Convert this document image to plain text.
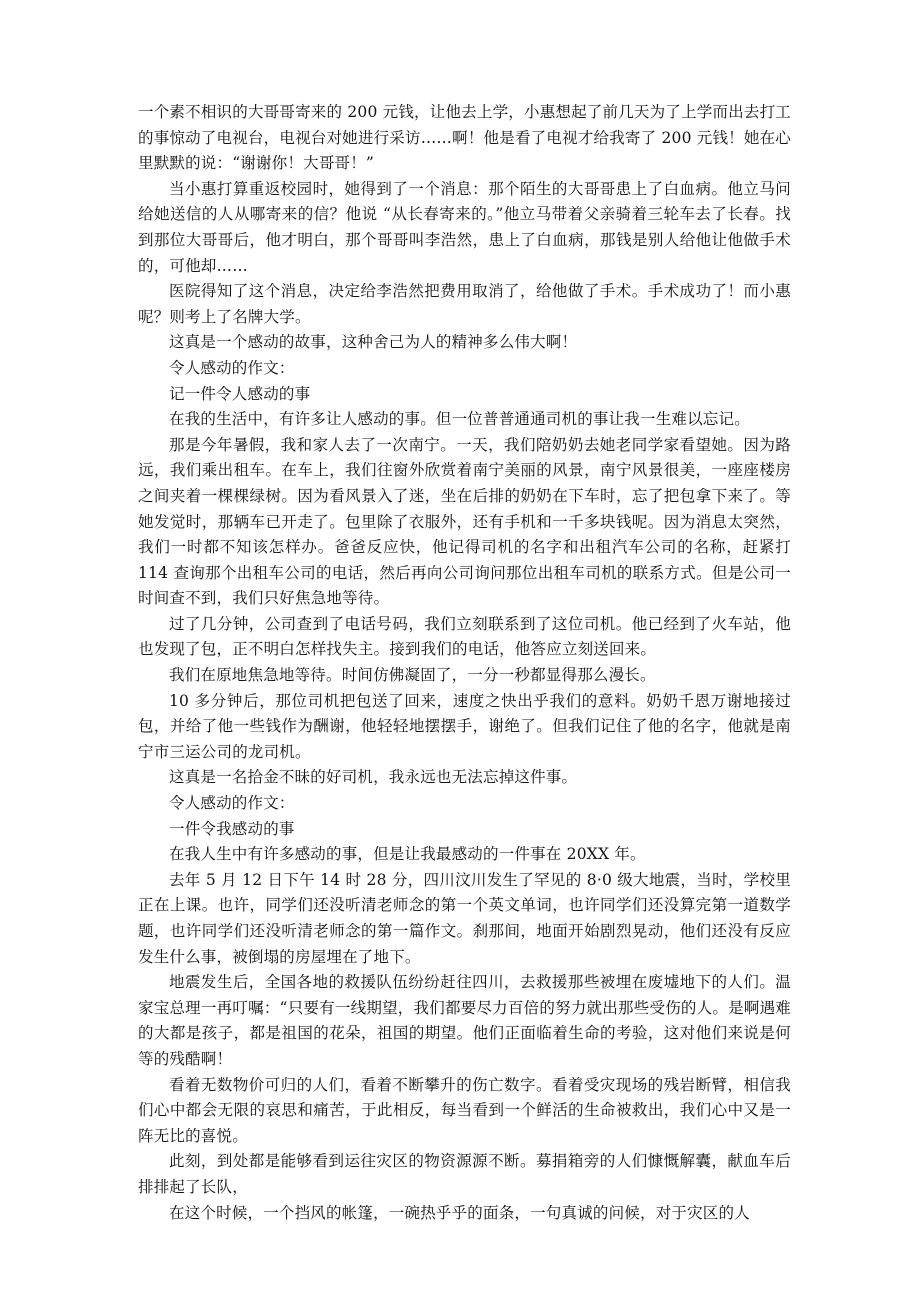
一个素不相识的大哥哥寄来的 200 元钱，让他去上学，小惠想起了前几天为了上学而出去打工的事惊动了电视台，电视台对她进行采访……啊！他是看了电视才给我寄了 200 元钱！她在心里默默的说：“谢谢你！大哥哥！”

当小惠打算重返校园时，她得到了一个消息：那个陌生的大哥哥患上了白血病。他立马问给她送信的人从哪寄来的信？他说 “从长春寄来的。”他立马带着父亲骑着三轮车去了长春。找到那位大哥哥后，他才明白，那个哥哥叫李浩然，患上了白血病，那钱是别人给他让他做手术的，可他却……

医院得知了这个消息，决定给李浩然把费用取消了，给他做了手术。手术成功了！而小惠呢？则考上了名牌大学。

这真是一个感动的故事，这种舍己为人的精神多么伟大啊！

令人感动的作文：

记一件令人感动的事

在我的生活中，有许多让人感动的事。但一位普普通通司机的事让我一生难以忘记。

那是今年暑假，我和家人去了一次南宁。一天，我们陪奶奶去她老同学家看望她。因为路远，我们乘出租车。在车上，我们往窗外欣赏着南宁美丽的风景，南宁风景很美，一座座楼房之间夹着一棵棵绿树。因为看风景入了迷，坐在后排的奶奶在下车时，忘了把包拿下来了。等她发觉时，那辆车已开走了。包里除了衣服外，还有手机和一千多块钱呢。因为消息太突然，我们一时都不知该怎样办。爸爸反应快，他记得司机的名字和出租汽车公司的名称，赶紧打 114 查询那个出租车公司的电话，然后再向公司询问那位出租车司机的联系方式。但是公司一时间查不到，我们只好焦急地等待。

过了几分钟，公司查到了电话号码，我们立刻联系到了这位司机。他已经到了火车站，他也发现了包，正不明白怎样找失主。接到我们的电话，他答应立刻送回来。

我们在原地焦急地等待。时间仿佛凝固了，一分一秒都显得那么漫长。

10 多分钟后，那位司机把包送了回来，速度之快出乎我们的意料。奶奶千恩万谢地接过包，并给了他一些钱作为酬谢，他轻轻地摆摆手，谢绝了。但我们记住了他的名字，他就是南宁市三运公司的龙司机。

这真是一名拾金不昧的好司机，我永远也无法忘掉这件事。

令人感动的作文：

一件令我感动的事

在我人生中有许多感动的事，但是让我最感动的一件事在 20XX 年。

去年 5 月 12 日下午 14 时 28 分，四川汶川发生了罕见的 8·0 级大地震，当时，学校里正在上课。也许，同学们还没听清老师念的第一个英文单词，也许同学们还没算完第一道数学题，也许同学们还没听清老师念的第一篇作文。刹那间，地面开始剧烈晃动，他们还没有反应发生什么事，被倒塌的房屋埋在了地下。

地震发生后，全国各地的救援队伍纷纷赶往四川，去救援那些被埋在废墟地下的人们。温家宝总理一再叮嘱：“只要有一线期望，我们都要尽力百倍的努力就出那些受伤的人。是啊遇难的大都是孩子，都是祖国的花朵，祖国的期望。他们正面临着生命的考验，这对他们来说是何等的残酷啊！

看着无数物价可归的人们，看着不断攀升的伤亡数字。看着受灾现场的残岩断臂，相信我们心中都会无限的哀思和痛苦，于此相反，每当看到一个鲜活的生命被救出，我们心中又是一阵无比的喜悦。

此刻，到处都是能够看到运往灾区的物资源源不断。募捐箱旁的人们慷慨解囊，献血车后排排起了长队，

在这个时候，一个挡风的帐篷，一碗热乎乎的面条，一句真诚的问候，对于灾区的人
